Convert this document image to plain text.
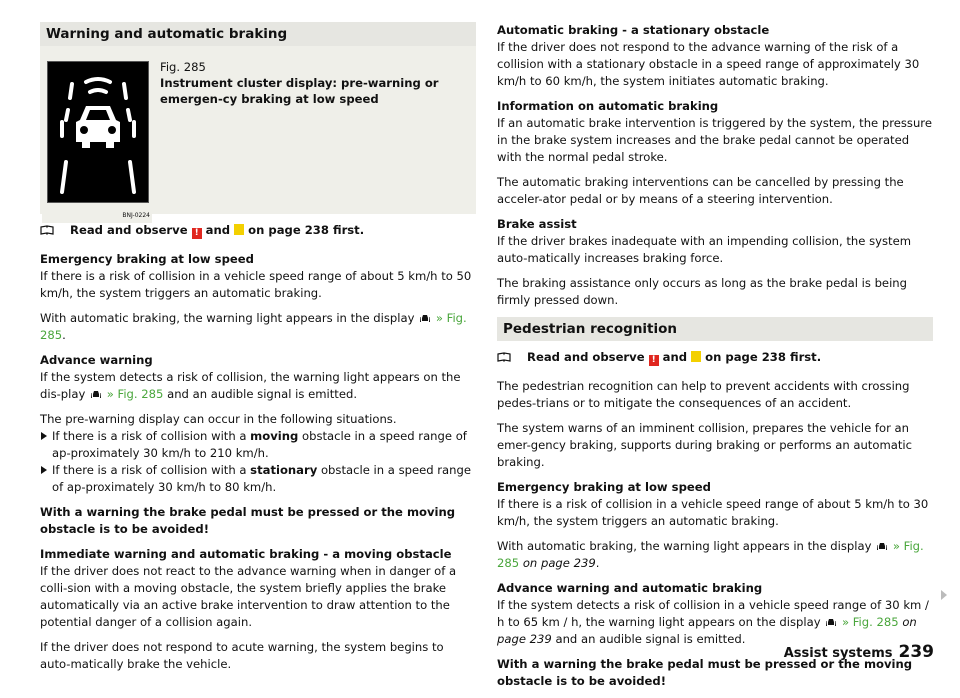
Warning and automatic braking
BNJ-0224
Fig. 285
Instrument cluster display: pre-warning or emergen-cy braking at low speed
Read and observe ! and on page 238 first.

Emergency braking at low speed
If there is a risk of collision in a vehicle speed range of about 5 km/h to 50 km/h, the system triggers an automatic braking.

With automatic braking, the warning light appears in the display » Fig. 285.

Advance warning
If the system detects a risk of collision, the warning light appears on the dis-play » Fig. 285 and an audible signal is emitted.

The pre-warning display can occur in the following situations.

If there is a risk of collision with a moving obstacle in a speed range of ap-proximately 30 km/h to 210 km/h.
If there is a risk of collision with a stationary obstacle in a speed range of ap-proximately 30 km/h to 80 km/h.

With a warning the brake pedal must be pressed or the moving obstacle is to be avoided!

Immediate warning and automatic braking - a moving obstacle
If the driver does not react to the advance warning when in danger of a colli-sion with a moving obstacle, the system briefly applies the brake automatically via an active brake intervention to draw attention to the potential danger of a collision again.

If the driver does not respond to acute warning, the system begins to auto-matically brake the vehicle.

Automatic braking - a stationary obstacle
If the driver does not respond to the advance warning of the risk of a collision with a stationary obstacle in a speed range of approximately 30 km/h to 60 km/h, the system initiates automatic braking.

Information on automatic braking
If an automatic brake intervention is triggered by the system, the pressure in the brake system increases and the brake pedal cannot be operated with the normal pedal stroke.

The automatic braking interventions can be cancelled by pressing the acceler-ator pedal or by means of a steering intervention.

Brake assist
If the driver brakes inadequate with an impending collision, the system auto-matically increases braking force.

The braking assistance only occurs as long as the brake pedal is being firmly pressed down.

Pedestrian recognition
Read and observe ! and on page 238 first.

The pedestrian recognition can help to prevent accidents with crossing pedes-trians or to mitigate the consequences of an accident.

The system warns of an imminent collision, prepares the vehicle for an emer-gency braking, supports during braking or performs an automatic braking.

Emergency braking at low speed
If there is a risk of collision in a vehicle speed range of about 5 km/h to 30 km/h, the system triggers an automatic braking.

With automatic braking, the warning light appears in the display » Fig. 285 on page 239.

Advance warning and automatic braking
If the system detects a risk of collision in a vehicle speed range of 30 km / h to 65 km / h, the warning light appears on the display » Fig. 285 on page 239 and an audible signal is emitted.

With a warning the brake pedal must be pressed or the moving obstacle is to be avoided!

Assist systems 239
